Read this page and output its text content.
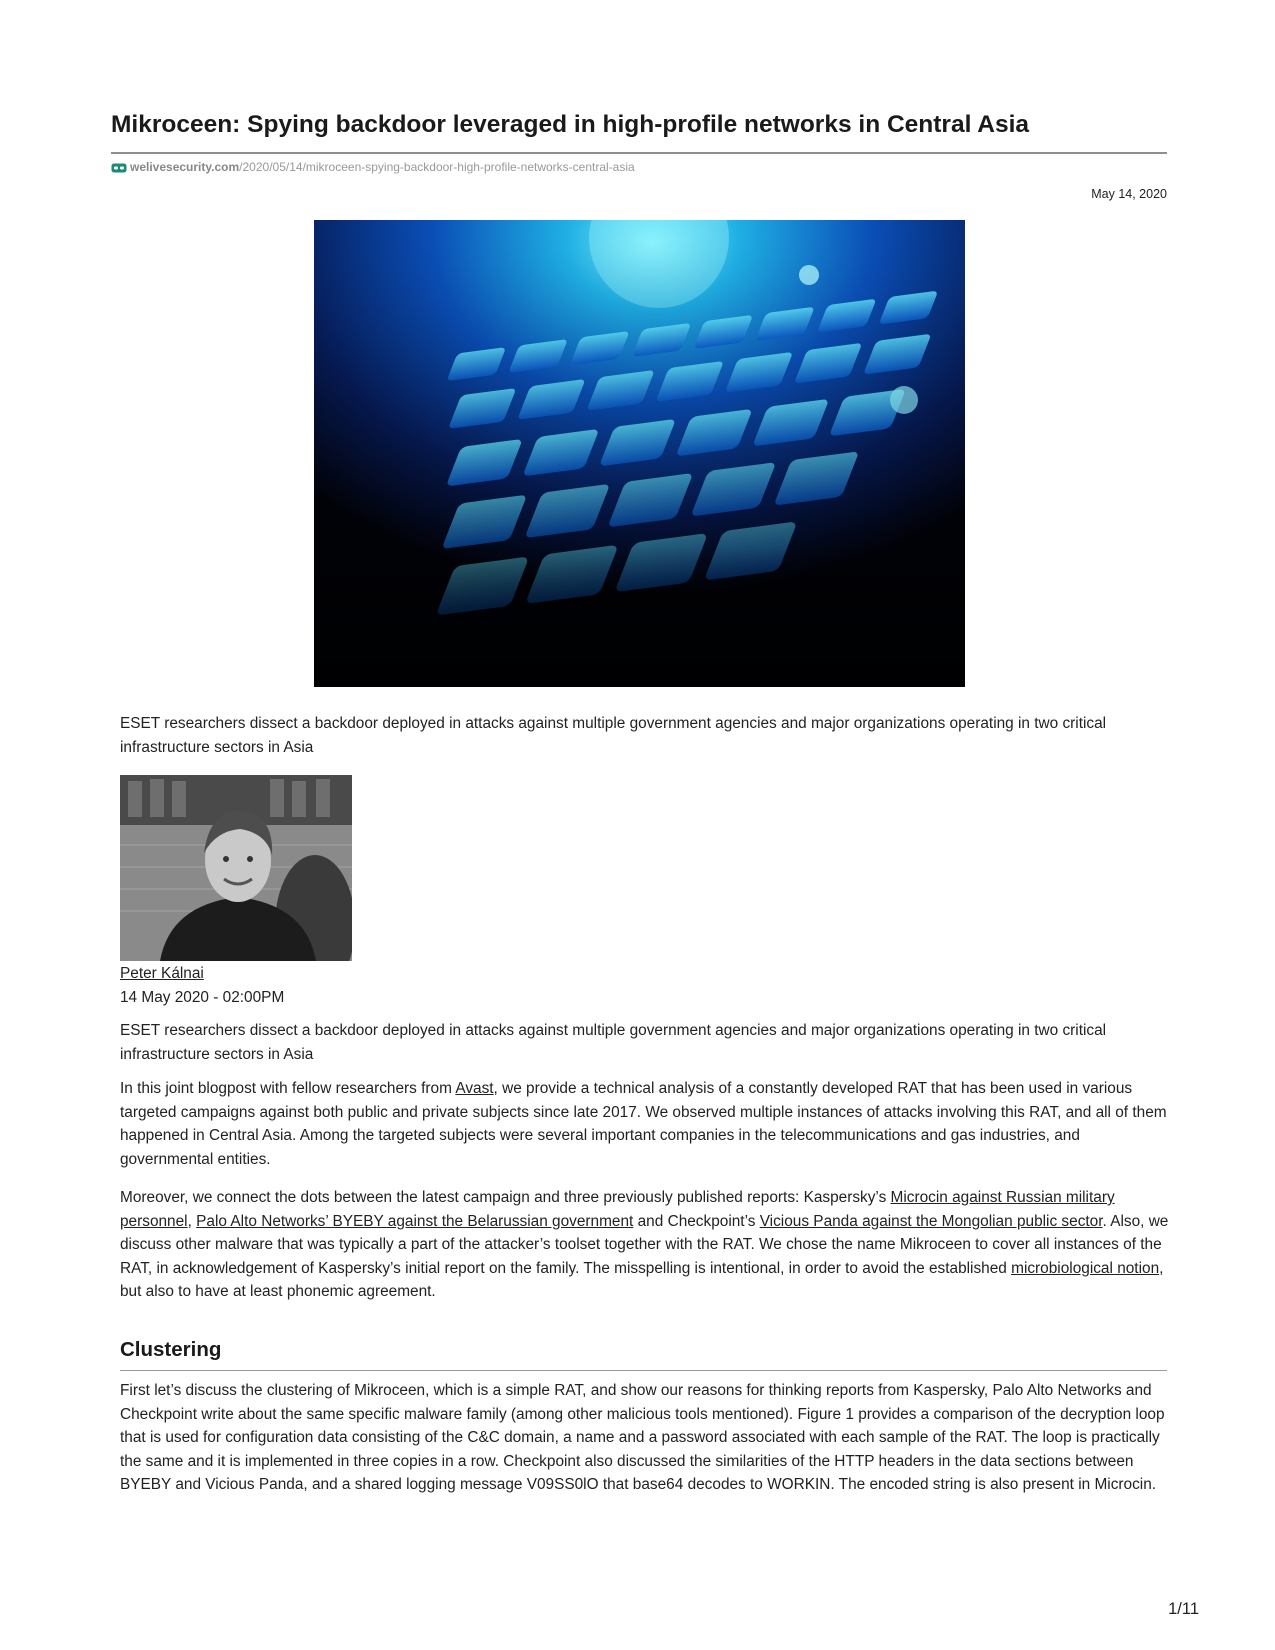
Mikroceen: Spying backdoor leveraged in high-profile networks in Central Asia
welivesecurity.com/2020/05/14/mikroceen-spying-backdoor-high-profile-networks-central-asia
May 14, 2020

ESET researchers dissect a backdoor deployed in attacks against multiple government agencies and major organizations operating in two critical infrastructure sectors in Asia

Peter Kálnai
14 May 2020 - 02:00PM

ESET researchers dissect a backdoor deployed in attacks against multiple government agencies and major organizations operating in two critical infrastructure sectors in Asia

In this joint blogpost with fellow researchers from Avast, we provide a technical analysis of a constantly developed RAT that has been used in various targeted campaigns against both public and private subjects since late 2017. We observed multiple instances of attacks involving this RAT, and all of them happened in Central Asia. Among the targeted subjects were several important companies in the telecommunications and gas industries, and governmental entities.

Moreover, we connect the dots between the latest campaign and three previously published reports: Kaspersky’s Microcin against Russian military personnel, Palo Alto Networks’ BYEBY against the Belarussian government and Checkpoint’s Vicious Panda against the Mongolian public sector. Also, we discuss other malware that was typically a part of the attacker’s toolset together with the RAT. We chose the name Mikroceen to cover all instances of the RAT, in acknowledgement of Kaspersky’s initial report on the family. The misspelling is intentional, in order to avoid the established microbiological notion, but also to have at least phonemic agreement.

Clustering

First let’s discuss the clustering of Mikroceen, which is a simple RAT, and show our reasons for thinking reports from Kaspersky, Palo Alto Networks and Checkpoint write about the same specific malware family (among other malicious tools mentioned). Figure 1 provides a comparison of the decryption loop that is used for configuration data consisting of the C&C domain, a name and a password associated with each sample of the RAT. The loop is practically the same and it is implemented in three copies in a row. Checkpoint also discussed the similarities of the HTTP headers in the data sections between BYEBY and Vicious Panda, and a shared logging message V09SS0lO that base64 decodes to WORKIN. The encoded string is also present in Microcin.

1/11
